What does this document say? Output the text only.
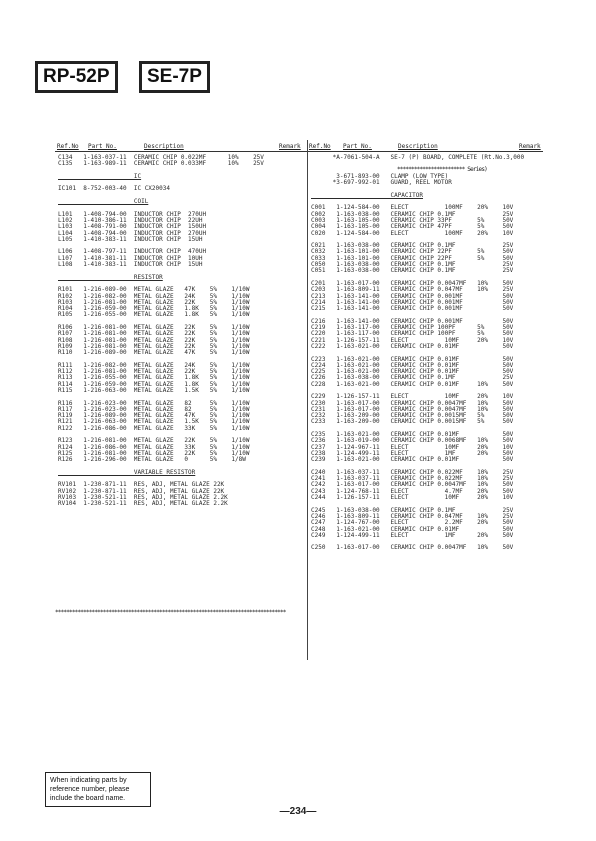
RP-52P	SE-7P
Ref.No Part No.	Description	Remark Ref.No Part No.	Description	Remark
C134   1-163-037-11  CERAMIC CHIP 0.022MF      10%    25V
C135   1-163-989-11  CERAMIC CHIP 0.033MF      10%    25V

IC

IC101  8-752-003-40  IC CX20034

COIL

L101   1-408-794-00  INDUCTOR CHIP  270UH
L102   1-410-386-11  INDUCTOR CHIP  22UH
L103   1-408-791-00  INDUCTOR CHIP  150UH
L104   1-408-794-00  INDUCTOR CHIP  270UH
L105   1-410-383-11  INDUCTOR CHIP  15UH

L106   1-408-797-11  INDUCTOR CHIP  470UH
L107   1-410-381-11  INDUCTOR CHIP  10UH
L108   1-410-383-11  INDUCTOR CHIP  15UH

RESISTOR

R101   1-216-089-00  METAL GLAZE   47K    5%    1/10W
R102   1-216-082-00  METAL GLAZE   24K    5%    1/10W
R103   1-216-081-00  METAL GLAZE   22K    5%    1/10W
R104   1-216-059-00  METAL GLAZE   1.8K   5%    1/10W
R105   1-216-055-00  METAL GLAZE   1.8K   5%    1/10W

R106   1-216-081-00  METAL GLAZE   22K    5%    1/10W
R107   1-216-081-00  METAL GLAZE   22K    5%    1/10W
R108   1-216-081-00  METAL GLAZE   22K    5%    1/10W
R109   1-216-081-00  METAL GLAZE   22K    5%    1/10W
R110   1-216-089-00  METAL GLAZE   47K    5%    1/10W

R111   1-216-082-00  METAL GLAZE   24K    5%    1/10W
R112   1-216-081-00  METAL GLAZE   22K    5%    1/10W
R113   1-216-055-00  METAL GLAZE   1.8K   5%    1/10W
R114   1-216-059-00  METAL GLAZE   1.8K   5%    1/10W
R115   1-216-063-00  METAL GLAZE   1.5K   5%    1/10W

R116   1-216-023-00  METAL GLAZE   82     5%    1/10W
R117   1-216-023-00  METAL GLAZE   82     5%    1/10W
R119   1-216-089-00  METAL GLAZE   47K    5%    1/10W
R121   1-216-063-00  METAL GLAZE   1.5K   5%    1/10W
R122   1-216-086-00  METAL GLAZE   33K    5%    1/10W

R123   1-216-081-00  METAL GLAZE   22K    5%    1/10W
R124   1-216-086-00  METAL GLAZE   33K    5%    1/10W
R125   1-216-081-00  METAL GLAZE   22K    5%    1/10W
R126   1-216-296-00  METAL GLAZE   0      5%    1/8W

VARIABLE RESISTOR

RV101  1-230-871-11  RES, ADJ, METAL GLAZE 22K
RV102  1-230-871-11  RES, ADJ, METAL GLAZE 22K
RV103  1-230-521-11  RES, ADJ, METAL GLAZE 2.2K
RV104  1-230-521-11  RES, ADJ, METAL GLAZE 2.2K
*A-7061-504-A   SE-7 (P) BOARD, COMPLETE (Rt.No.3,000

3-671-893-00   CLAMP (LOW TYPE)
*3-697-992-01   GUARD, REEL MOTOR

CAPACITOR

C001   1-124-584-00   ELECT          100MF    20%    10V
C002   1-163-038-00   CERAMIC CHIP 0.1MF             25V
C003   1-163-105-00   CERAMIC CHIP 33PF       5%     50V
C004   1-163-105-00   CERAMIC CHIP 47PF       5%     50V
C020   1-124-584-00   ELECT          100MF    20%    10V

C021   1-163-038-00   CERAMIC CHIP 0.1MF             25V
C032   1-163-101-00   CERAMIC CHIP 22PF       5%     50V
C033   1-163-101-00   CERAMIC CHIP 22PF       5%     50V
C050   1-163-038-00   CERAMIC CHIP 0.1MF             25V
C051   1-163-038-00   CERAMIC CHIP 0.1MF             25V

C201   1-163-017-00   CERAMIC CHIP 0.0047MF   10%    50V
C203   1-163-809-11   CERAMIC CHIP 0.047MF    10%    25V
C213   1-163-141-00   CERAMIC CHIP 0.001MF           50V
C214   1-163-141-00   CERAMIC CHIP 0.001MF           50V
C215   1-163-141-00   CERAMIC CHIP 0.001MF           50V

C216   1-163-141-00   CERAMIC CHIP 0.001MF           50V
C219   1-163-117-00   CERAMIC CHIP 100PF      5%     50V
C220   1-163-117-00   CERAMIC CHIP 100PF      5%     50V
C221   1-126-157-11   ELECT          10MF     20%    10V
C222   1-163-021-00   CERAMIC CHIP 0.01MF            50V

C223   1-163-021-00   CERAMIC CHIP 0.01MF            50V
C224   1-163-021-00   CERAMIC CHIP 0.01MF            50V
C225   1-163-021-00   CERAMIC CHIP 0.01MF            50V
C226   1-163-038-00   CERAMIC CHIP 0.1MF             25V
C228   1-163-021-00   CERAMIC CHIP 0.01MF     10%    50V

C229   1-126-157-11   ELECT          10MF     20%    10V
C230   1-163-017-00   CERAMIC CHIP 0.0047MF   10%    50V
C231   1-163-017-00   CERAMIC CHIP 0.0047MF   10%    50V
C232   1-163-209-00   CERAMIC CHIP 0.0015MF   5%     50V
C233   1-163-209-00   CERAMIC CHIP 0.0015MF   5%     50V

C235   1-163-021-00   CERAMIC CHIP 0.01MF            50V
C236   1-163-019-00   CERAMIC CHIP 0.0068MF   10%    50V
C237   1-124-967-11   ELECT          10MF     20%    10V
C238   1-124-499-11   ELECT          1MF      20%    50V
C239   1-163-021-00   CERAMIC CHIP 0.01MF            50V

C240   1-163-037-11   CERAMIC CHIP 0.022MF    10%    25V
C241   1-163-037-11   CERAMIC CHIP 0.022MF    10%    25V
C242   1-163-017-00   CERAMIC CHIP 0.0047MF   10%    50V
C243   1-124-768-11   ELECT          4.7MF    20%    50V
C244   1-126-157-11   ELECT          10MF     20%    10V

C245   1-163-038-00   CERAMIC CHIP 0.1MF             25V
C246   1-163-809-11   CERAMIC CHIP 0.047MF    10%    25V
C247   1-124-767-00   ELECT          2.2MF    20%    50V
C248   1-163-021-00   CERAMIC CHIP 0.01MF            50V
C249   1-124-499-11   ELECT          1MF      20%    50V

C250   1-163-017-00   CERAMIC CHIP 0.0047MF   10%    50V
************************ Series)
**********************************************************************************
When indicating parts by reference number, please include the board name.
—234—
